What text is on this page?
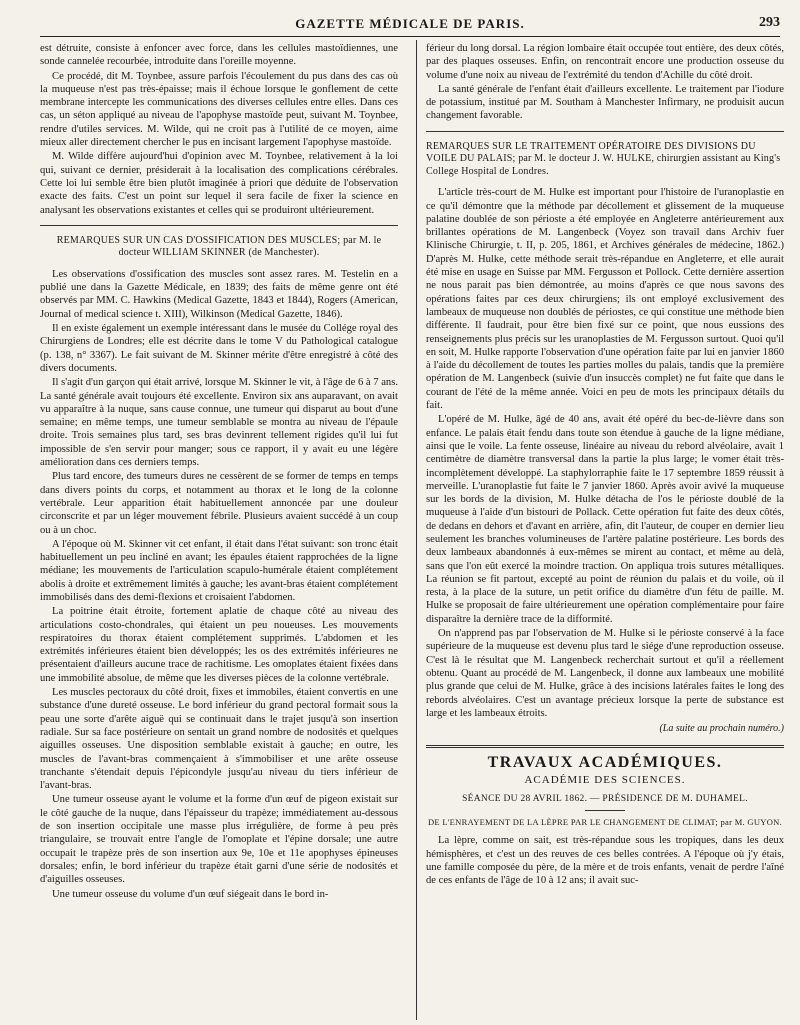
GAZETTE MÉDICALE DE PARIS.	293

est détruite, consiste à enfoncer avec force, dans les cellules mastoïdiennes, une sonde cannelée recourbée, introduite dans l'oreille moyenne.

Ce procédé, dit M. Toynbee, assure parfois l'écoulement du pus dans des cas où la muqueuse n'est pas très-épaisse; mais il échoue lorsque le gonflement de cette membrane intercepte les communications des diverses cellules entre elles. Dans ces cas, un séton appliqué au niveau de l'apophyse mastoïde peut, suivant M. Toynbee, rendre d'utiles services. M. Wilde, qui ne croit pas à l'utilité de ce moyen, aime mieux aller directement chercher le pus en incisant largement l'apophyse mastoïde.

M. Wilde diffère aujourd'hui d'opinion avec M. Toynbee, relativement à la loi qui, suivant ce dernier, présiderait à la localisation des complications cérébrales. Cette loi lui semble être bien plutôt imaginée à priori que déduite de l'observation exacte des faits. C'est un point sur lequel il sera facile de fixer la science en analysant les observations existantes et celles qui se produiront ultérieurement.

REMARQUES SUR UN CAS D'OSSIFICATION DES MUSCLES; par M. le docteur WILLIAM SKINNER (de Manchester).

Les observations d'ossification des muscles sont assez rares. M. Testelin en a publié une dans la Gazette Médicale, en 1839; des faits de même genre ont été observés par MM. C. Hawkins (Medical Gazette, 1843 et 1844), Rogers (American, Journal of medical science t. XIII), Wilkinson (Medical Gazette, 1846).

Il en existe également un exemple intéressant dans le musée du Collége royal des Chirurgiens de Londres; elle est décrite dans le tome V du Pathological catalogue (p. 138, n° 3367). Le fait suivant de M. Skinner mérite d'être enregistré à côté des divers documents.

Il s'agit d'un garçon qui était arrivé, lorsque M. Skinner le vit, à l'âge de 6 à 7 ans. La santé générale avait toujours été excellente. Environ six ans auparavant, on avait vu apparaître à la nuque, sans cause connue, une tumeur qui disparut au bout d'une semaine; en même temps, une tumeur semblable se montra au niveau de l'épaule droite. Trois semaines plus tard, ses bras devinrent tellement rigides qu'il lui fut impossible de s'en servir pour manger; sous ce rapport, il y avait eu une légère amélioration dans ces derniers temps.

Plus tard encore, des tumeurs dures ne cessèrent de se former de temps en temps dans divers points du corps, et notamment au thorax et le long de la colonne vertébrale. Leur apparition était habituellement annoncée par une douleur circonscrite et par un léger mouvement fébrile. Plusieurs avaient succédé à un coup ou à un choc.

A l'époque où M. Skinner vit cet enfant, il était dans l'état suivant: son tronc était habituellement un peu incliné en avant; les épaules étaient rapprochées de la ligne médiane; les mouvements de l'articulation scapulo-humérale étaient complétement abolis à droite et extrêmement limités à gauche; les avant-bras étaient complétement immobilisés dans des demi-flexions et croisaient l'abdomen.

La poitrine était étroite, fortement aplatie de chaque côté au niveau des articulations costo-chondrales, qui étaient un peu noueuses. Les mouvements respiratoires du thorax étaient complétement supprimés. L'abdomen et les extrémités inférieures étaient bien développés; les os des extrémités inférieures ne présentaient d'ailleurs aucune trace de rachitisme. Les omoplates étaient fixées dans une immobilité absolue, de même que les diverses pièces de la colonne vertébrale.

Les muscles pectoraux du côté droit, fixes et immobiles, étaient convertis en une substance d'une dureté osseuse. Le bord inférieur du grand pectoral formait sous la peau une sorte d'arête aiguë qui se continuait dans le trajet jusqu'à son insertion radiale. Sur sa face postérieure on sentait un grand nombre de nodosités et quelques aiguilles osseuses. Une disposition semblable existait à gauche; en outre, les muscles de l'avant-bras commençaient à s'immobiliser et une arête osseuse tranchante s'étendait depuis l'épicondyle jusqu'au niveau du tiers inférieur de l'avant-bras.

Une tumeur osseuse ayant le volume et la forme d'un œuf de pigeon existait sur le côté gauche de la nuque, dans l'épaisseur du trapèze; immédiatement au-dessous de son insertion occipitale une masse plus irrégulière, de forme à peu près triangulaire, se trouvait entre l'angle de l'omoplate et l'épine dorsale; une autre occupait le trapèze près de son insertion aux 9e, 10e et 11e apophyses épineuses dorsales; enfin, le bord inférieur du trapèze était garni d'une série de nodosités et d'aiguilles osseuses.

Une tumeur osseuse du volume d'un œuf siégeait dans le bord in-

férieur du long dorsal. La région lombaire était occupée tout entière, des deux côtés, par des plaques osseuses. Enfin, on rencontrait encore une production osseuse du volume d'une noix au niveau de l'extrémité du tendon d'Achille du côté droit.

La santé générale de l'enfant était d'ailleurs excellente. Le traitement par l'iodure de potassium, institué par M. Southam à Manchester Infirmary, ne produisit aucun changement favorable.

REMARQUES SUR LE TRAITEMENT OPÉRATOIRE DES DIVISIONS DU VOILE DU PALAIS; par M. le docteur J. W. HULKE, chirurgien assistant au King's College Hospital de Londres.

L'article très-court de M. Hulke est important pour l'histoire de l'uranoplastie en ce qu'il démontre que la méthode par décollement et glissement de la muqueuse palatine doublée de son périoste a été employée en Angleterre antérieurement aux brillantes opérations de M. Langenbeck (Voyez son travail dans Archiv fuer Klinische Chirurgie, t. II, p. 205, 1861, et Archives générales de médecine, 1862.) D'après M. Hulke, cette méthode serait très-répandue en Angleterre, et elle aurait été mise en usage en Suisse par MM. Fergusson et Pollock. Cette dernière assertion ne nous parait pas bien démontrée, au moins d'après ce que nous savons des opérations faites par ces deux chirurgiens; ils ont employé exclusivement des lambeaux de muqueuse non doublés de périostes, ce qui constitue une méthode bien différente. Il faudrait, pour être bien fixé sur ce point, que nous eussions des renseignements plus précis sur les uranoplasties de M. Fergusson surtout. Quoi qu'il en soit, M. Hulke rapporte l'observation d'une opération faite par lui en janvier 1860 à l'aide du décollement de toutes les parties molles du palais, tandis que la première opération de M. Langenbeck (suivie d'un insuccès complet) ne fut faite que dans le courant de l'été de la même année. Voici en peu de mots les principaux détails du fait.

L'opéré de M. Hulke, âgé de 40 ans, avait été opéré du bec-de-lièvre dans son enfance. Le palais était fendu dans toute son étendue à gauche de la ligne médiane, ainsi que le voile. La fente osseuse, linéaire au niveau du rebord alvéolaire, avait 1 centimètre de diamètre transversal dans la partie la plus large; le vomer était très-incomplètement développé. La staphylorraphie faite le 17 septembre 1859 réussit à merveille. L'uranoplastie fut faite le 7 janvier 1860. Après avoir avivé la muqueuse sur les bords de la division, M. Hulke détacha de l'os le périoste doublé de la muqueuse à l'aide d'un bistouri de Pollack. Cette opération fut faite des deux côtés, de dedans en dehors et d'avant en arrière, afin, dit l'auteur, de couper en dernier lieu seulement les branches volumineuses de l'artère palatine postérieure. Les bords des deux lambeaux abandonnés à eux-mêmes se mirent au contact, et même au delà, sans que l'on eût exercé la moindre traction. On appliqua trois sutures métalliques. La réunion se fit partout, excepté au point de réunion du palais et du voile, où il resta, à la place de la suture, un petit orifice du diamètre d'un fétu de paille. M. Hulke se proposait de faire ultérieurement une opération complémentaire pour faire disparaître la dernière trace de la difformité.

On n'apprend pas par l'observation de M. Hulke si le périoste conservé à la face supérieure de la muqueuse est devenu plus tard le siége d'une reproduction osseuse. C'est là le résultat que M. Langenbeck recherchait surtout et qu'il a réellement obtenu. Quant au procédé de M. Langenbeck, il donne aux lambeaux une mobilité plus grande que celui de M. Hulke, grâce à des incisions latérales faites le long des rebords alvéolaires. C'est un avantage précieux lorsque la perte de substance est large et les lambeaux étroits.

(La suite au prochain numéro.)

TRAVAUX ACADÉMIQUES.

ACADÉMIE DES SCIENCES.

SÉANCE DU 28 AVRIL 1862. — PRÉSIDENCE DE M. DUHAMEL.

DE L'ENRAYEMENT DE LA LÈPRE PAR LE CHANGEMENT DE CLIMAT; par M. GUYON.

La lèpre, comme on sait, est très-répandue sous les tropiques, dans les deux hémisphères, et c'est un des reuves de ces belles contrées. A l'époque où j'y étais, une famille composée du père, de la mère et de trois enfants, venait de perdre l'aîné de ces enfants de l'âge de 10 à 12 ans; il avait suc-
